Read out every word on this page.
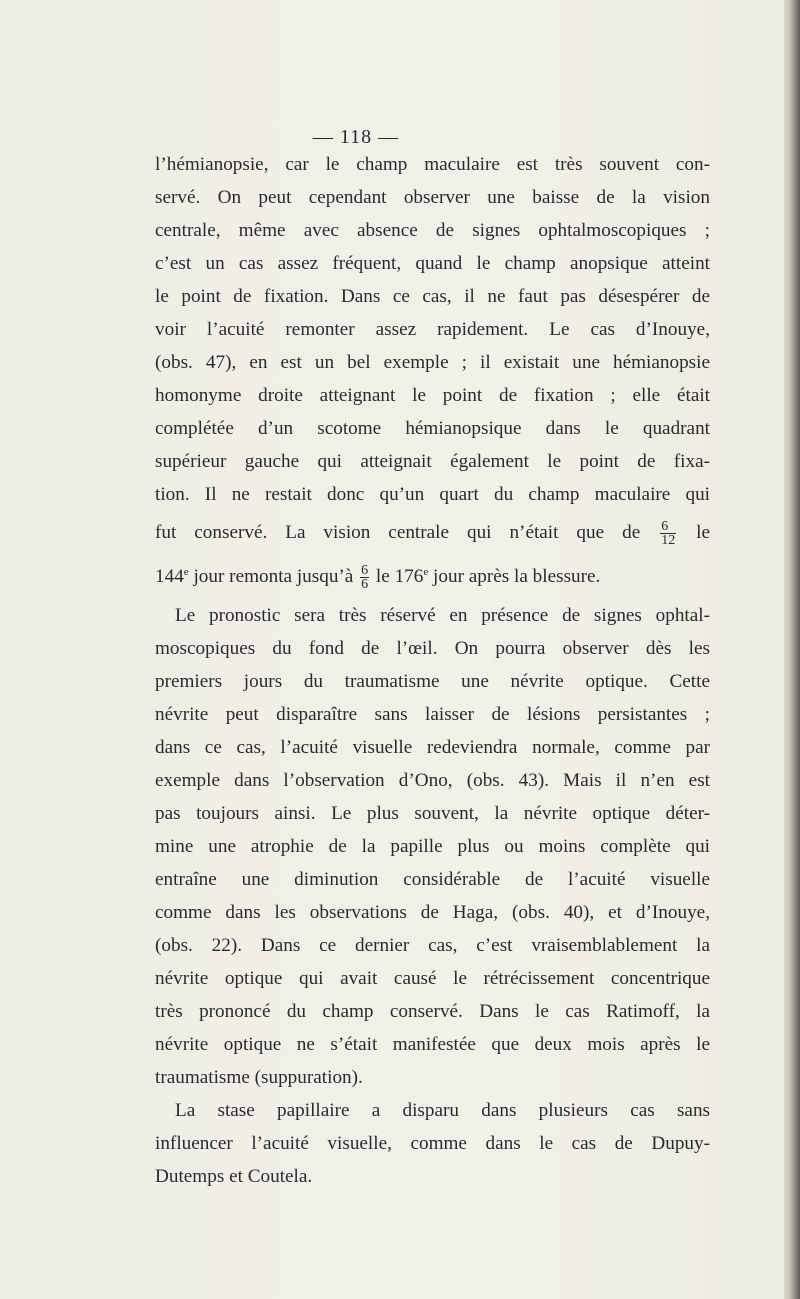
— 118 —
l’hémianopsie, car le champ maculaire est très souvent con-
servé. On peut cependant observer une baisse de la vision
centrale, même avec absence de signes ophtalmoscopiques ;
c’est un cas assez fréquent, quand le champ anopsique atteint
le point de fixation. Dans ce cas, il ne faut pas désespérer de
voir l’acuité remonter assez rapidement. Le cas d’Inouye,
(obs. 47), en est un bel exemple ; il existait une hémianopsie
homonyme droite atteignant le point de fixation ; elle était
complétée d’un scotome hémianopsique dans le quadrant
supérieur gauche qui atteignait également le point de fixa-
tion. Il ne restait donc qu’un quart du champ maculaire qui
fut conservé. La vision centrale qui n’était que de $\frac{6}{12}$ le
144e jour remonta jusqu’à $\frac{6}{6}$ le 176e jour après la blessure.
Le pronostic sera très réservé en présence de signes ophtal-
moscopiques du fond de l’œil. On pourra observer dès les
premiers jours du traumatisme une névrite optique. Cette
névrite peut disparaître sans laisser de lésions persistantes ;
dans ce cas, l’acuité visuelle redeviendra normale, comme par
exemple dans l’observation d’Ono, (obs. 43). Mais il n’en est
pas toujours ainsi. Le plus souvent, la névrite optique déter-
mine une atrophie de la papille plus ou moins complète qui
entraîne une diminution considérable de l’acuité visuelle
comme dans les observations de Haga, (obs. 40), et d’Inouye,
(obs. 22). Dans ce dernier cas, c’est vraisemblablement la
névrite optique qui avait causé le rétrécissement concentrique
très prononcé du champ conservé. Dans le cas Ratimoff, la
névrite optique ne s’était manifestée que deux mois après le
traumatisme (suppuration).
La stase papillaire a disparu dans plusieurs cas sans
influencer l’acuité visuelle, comme dans le cas de Dupuy-
Dutemps et Coutela.
